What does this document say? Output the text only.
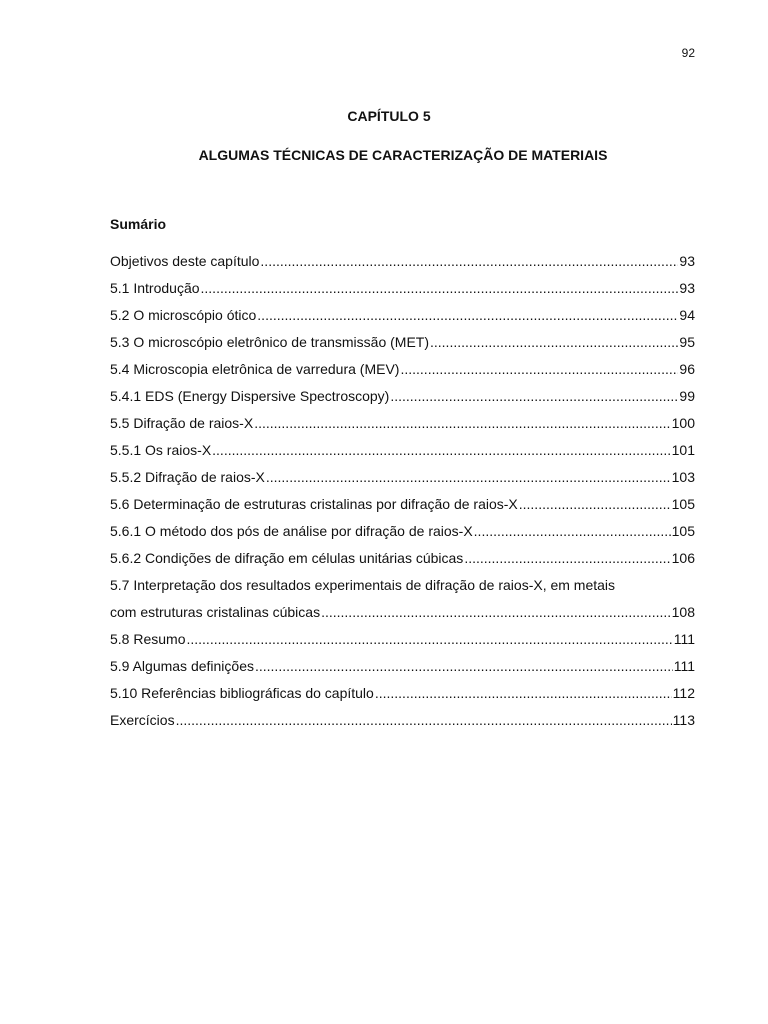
92
CAPÍTULO 5
ALGUMAS TÉCNICAS DE CARACTERIZAÇÃO DE MATERIAIS
Sumário
Objetivos deste capítulo .....	93
5.1 Introdução .....	93
5.2 O microscópio ótico .....	94
5.3 O microscópio eletrônico de transmissão (MET) .....	95
5.4 Microscopia eletrônica de varredura (MEV) .....	96
5.4.1 EDS (Energy Dispersive Spectroscopy) .....	99
5.5 Difração de raios-X .....	100
5.5.1 Os raios-X .....	101
5.5.2 Difração de raios-X .....	103
5.6 Determinação de estruturas cristalinas por difração de raios-X .....	105
5.6.1 O método dos pós de análise por difração de raios-X .....	105
5.6.2 Condições de difração em células unitárias cúbicas .....	106
5.7 Interpretação dos resultados experimentais de difração de raios-X, em metais
com estruturas cristalinas cúbicas .....	108
5.8 Resumo .....	111
5.9 Algumas definições .....	111
5.10 Referências bibliográficas do capítulo .....	112
Exercícios .....	113
